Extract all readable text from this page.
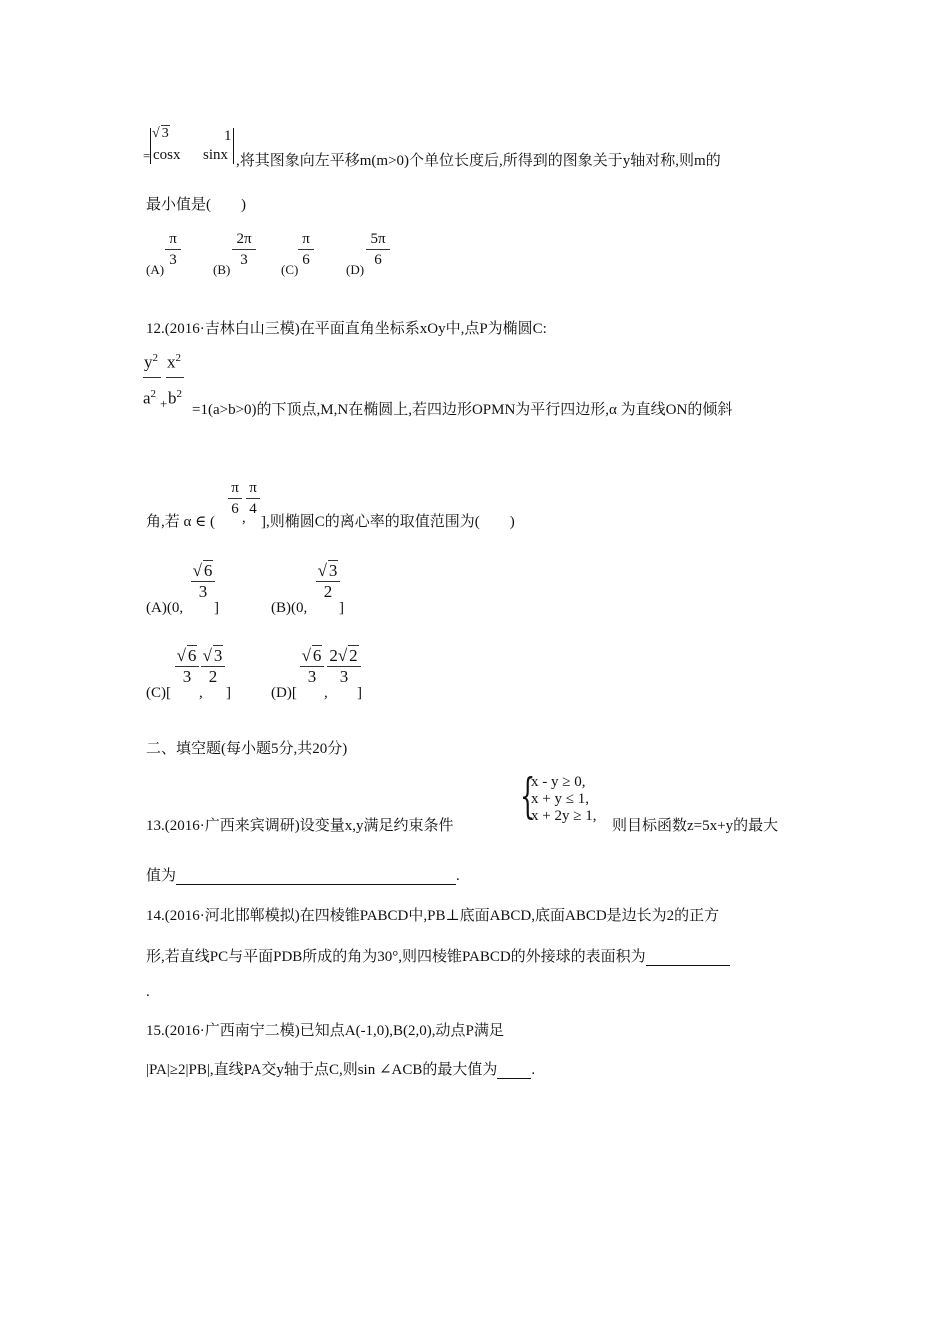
=
√ 3	1
cosx sinx ,将其图象向左平移m(m>0)个单位长度后,所得到的图象关于y轴对称,则m的
最小值是(　　)
(A)
π
3
(B)
2π
3
(C)
π
6
(D)
5π
6
12.(2016·吉林白山三模)在平面直角坐标系xOy中,点P为椭圆C:
$y^2$ $x^2$
$a^2$
+ $b^2$
=1(a>b>0)的下顶点,M,N在椭圆上,若四边形OPMN为平行四边形,α 为直线ON的倾斜
角,若 α ∈ (
π
6
,
π
4
],则椭圆C的离心率的取值范围为(　　)
(A)(0,
√ 6
3
]	(B)(0,
√ 3
2
]
(C)[
√ 6
3
,
√ 3
2
]	(D)[
√ 6
3
,
2√ 2
3
]
二、填空题(每小题5分,共20分)
13.(2016·广西来宾调研)设变量x,y满足约束条件
{
x - y ≥ 0,
x + y ≤ 1,
x + 2y ≥ 1,
则目标函数z=5x+y的最大
值为	.
14.(2016·河北邯郸模拟)在四棱锥PABCD中,PB⊥底面ABCD,底面ABCD是边长为2的正方
形,若直线PC与平面PDB所成的角为30°,则四棱锥PABCD的外接球的表面积为
.
15.(2016·广西南宁二模)已知点A(-1,0),B(2,0),动点P满足
|PA|≥2|PB|,直线PA交y轴于点C,则sin ∠ACB的最大值为 .
